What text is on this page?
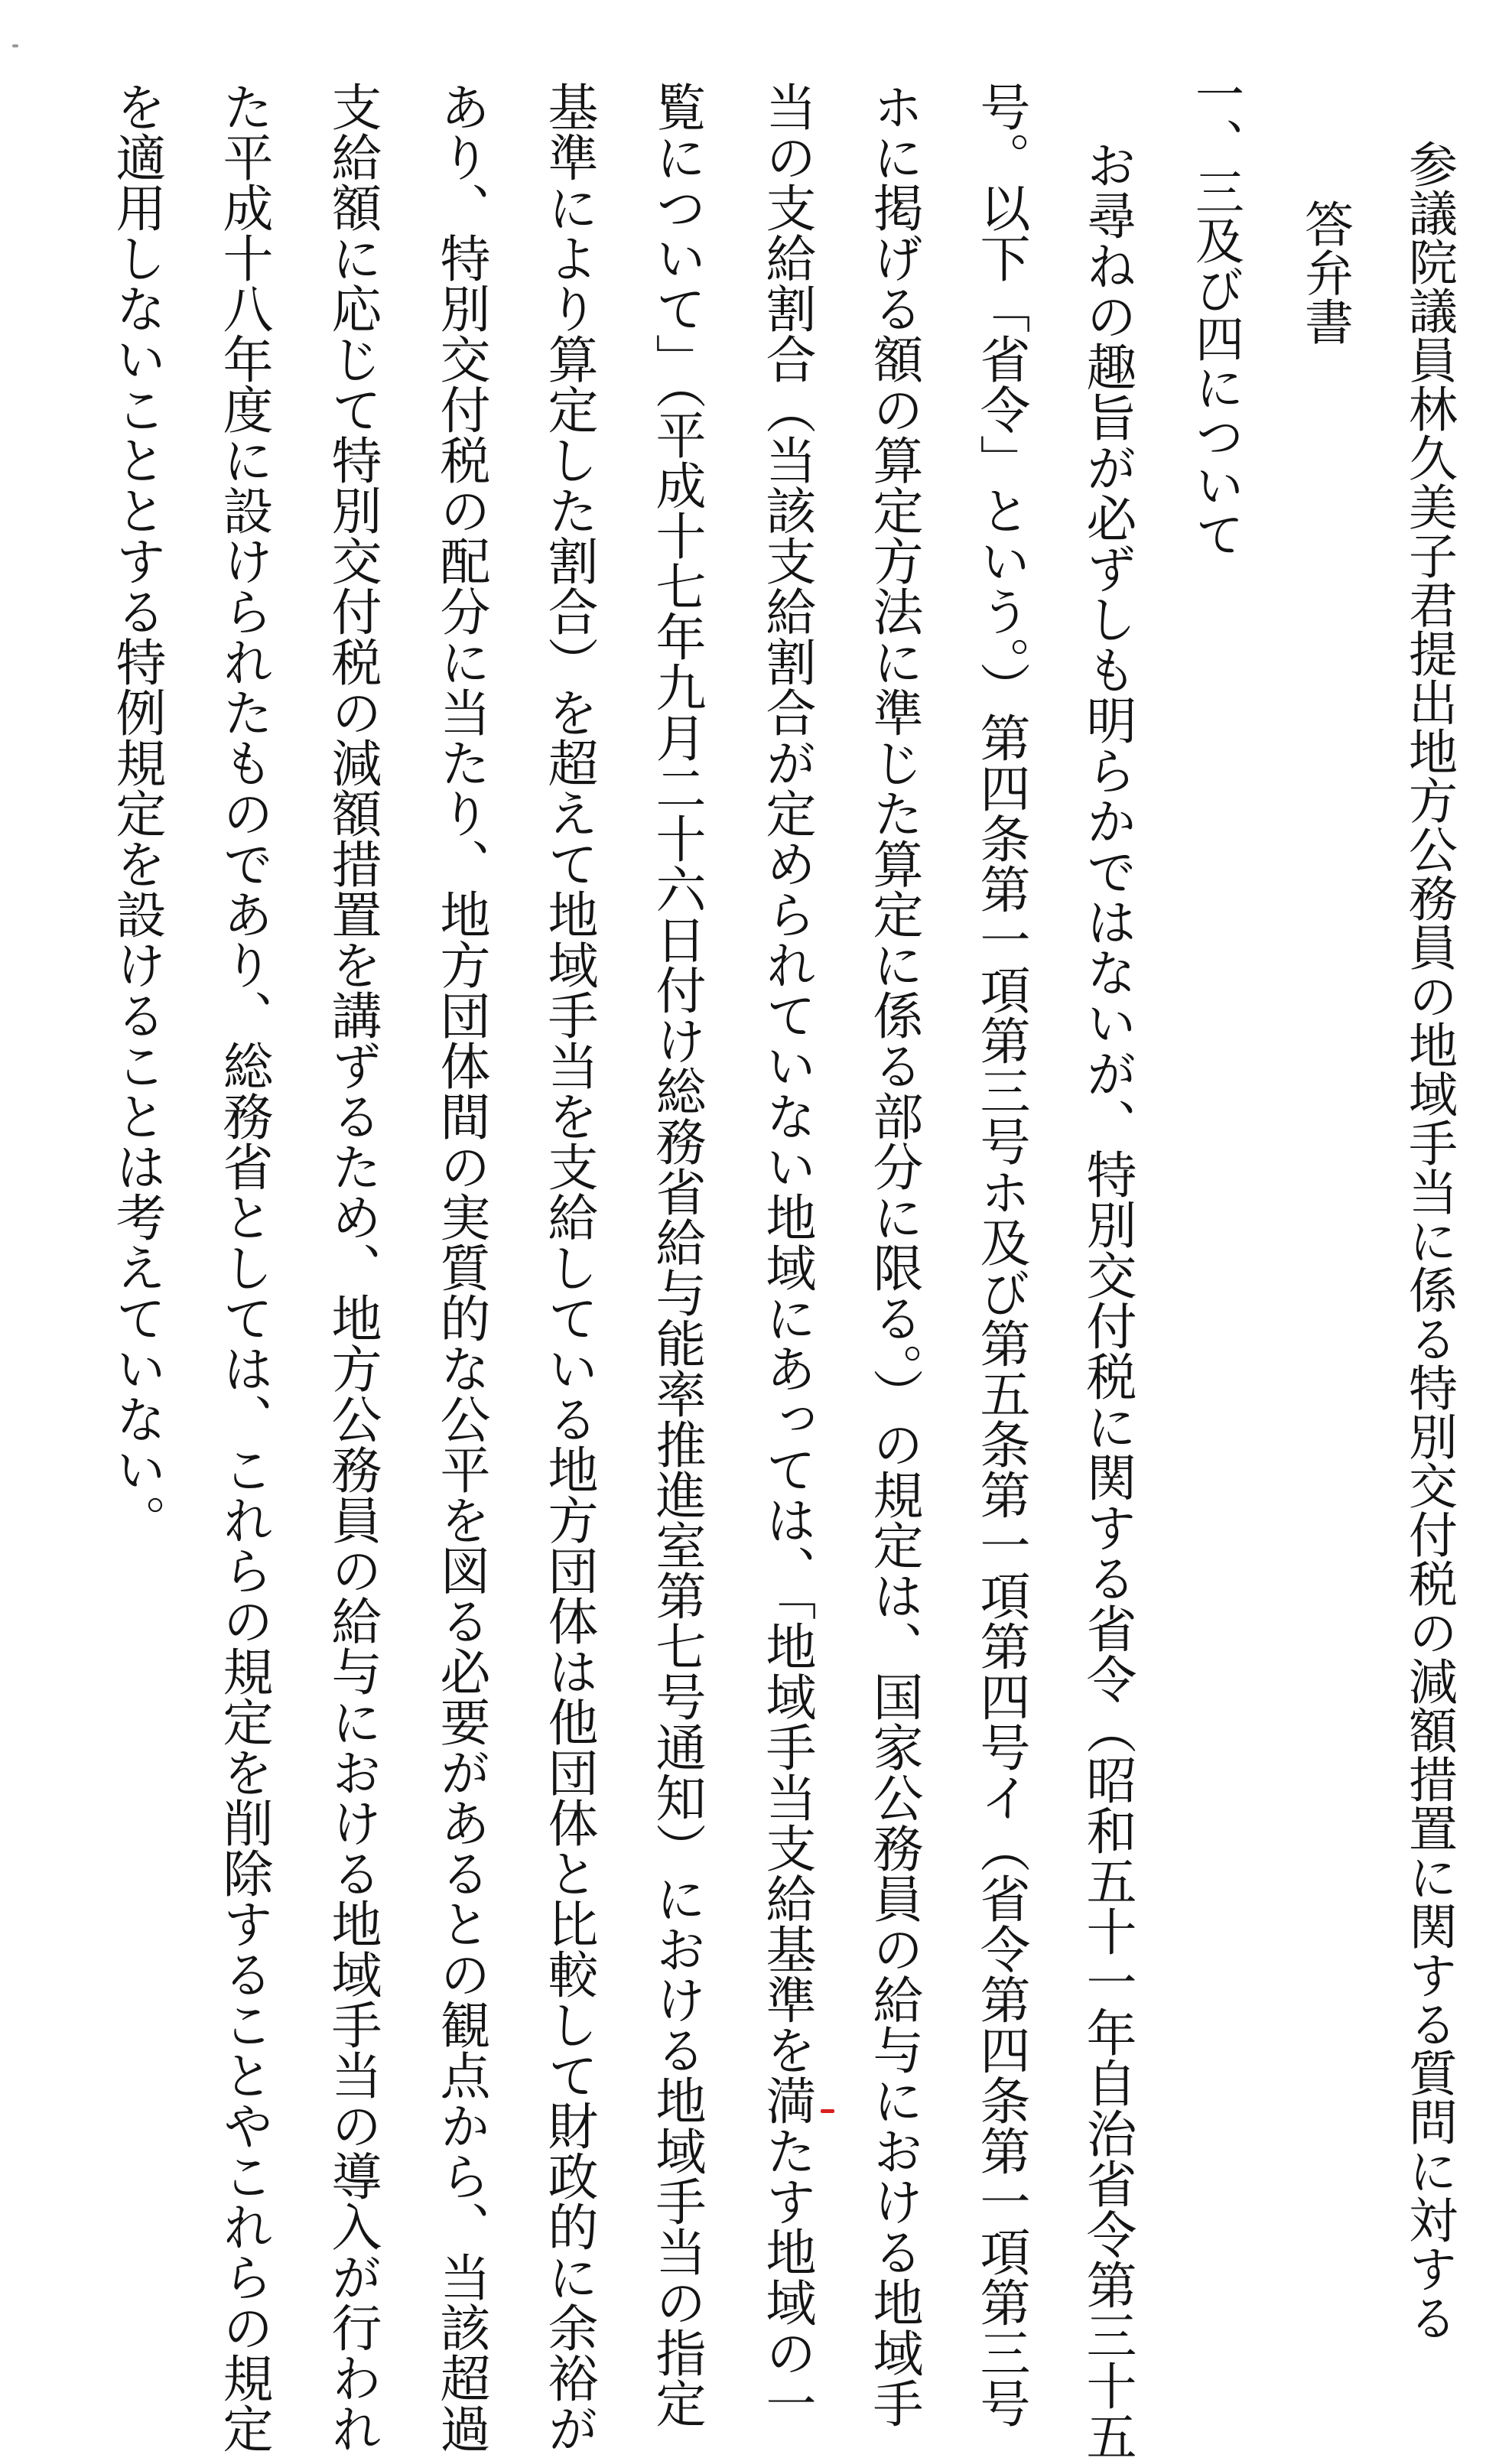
参議院議員林久美子君提出地方公務員の地域手当に係る特別交付税の減額措置に関する質問に対する

答弁書

一、三及び四について

お尋ねの趣旨が必ずしも明らかではないが、特別交付税に関する省令（昭和五十一年自治省令第三十五

号。以下「省令」という。）第四条第一項第三号ホ及び第五条第一項第四号イ（省令第四条第一項第三号

ホに掲げる額の算定方法に準じた算定に係る部分に限る。）の規定は、国家公務員の給与における地域手

当の支給割合（当該支給割合が定められていない地域にあっては、「地域手当支給基準を満たす地域の一

覧について」（平成十七年九月二十六日付け総務省給与能率推進室第七号通知）における地域手当の指定

基準により算定した割合）を超えて地域手当を支給している地方団体は他団体と比較して財政的に余裕が

あり、特別交付税の配分に当たり、地方団体間の実質的な公平を図る必要があるとの観点から、当該超過

支給額に応じて特別交付税の減額措置を講ずるため、地方公務員の給与における地域手当の導入が行われ

た平成十八年度に設けられたものであり、総務省としては、これらの規定を削除することやこれらの規定

を適用しないこととする特例規定を設けることは考えていない。
